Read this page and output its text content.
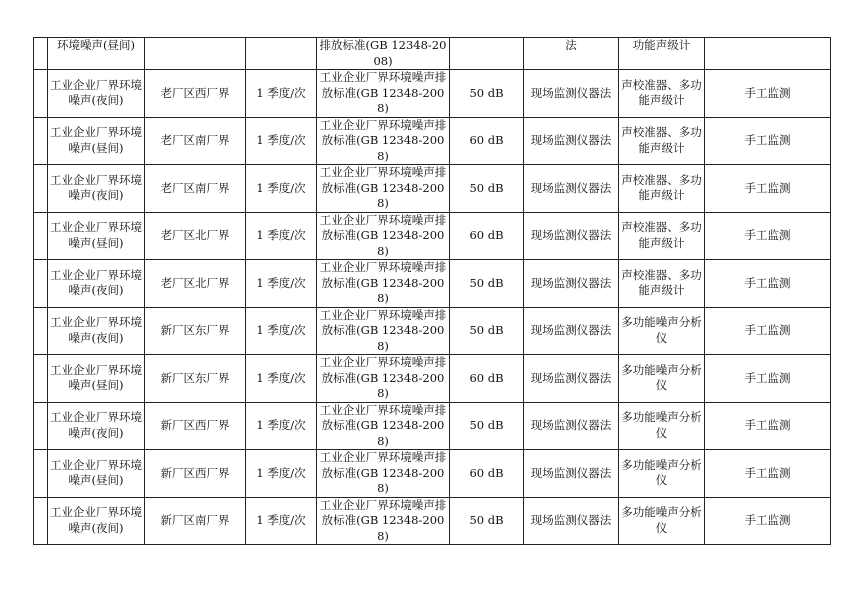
	环境噪声(昼间)			排放标准(GB 12348-2008)		法	功能声级计	
	工业企业厂界环境噪声(夜间)	老厂区西厂界	1 季度/次	工业企业厂界环境噪声排放标准(GB 12348-2008)	50 dB	现场监测仪器法	声校准器、多功能声级计	手工监测
	工业企业厂界环境噪声(昼间)	老厂区南厂界	1 季度/次	工业企业厂界环境噪声排放标准(GB 12348-2008)	60 dB	现场监测仪器法	声校准器、多功能声级计	手工监测
	工业企业厂界环境噪声(夜间)	老厂区南厂界	1 季度/次	工业企业厂界环境噪声排放标准(GB 12348-2008)	50 dB	现场监测仪器法	声校准器、多功能声级计	手工监测
	工业企业厂界环境噪声(昼间)	老厂区北厂界	1 季度/次	工业企业厂界环境噪声排放标准(GB 12348-2008)	60 dB	现场监测仪器法	声校准器、多功能声级计	手工监测
	工业企业厂界环境噪声(夜间)	老厂区北厂界	1 季度/次	工业企业厂界环境噪声排放标准(GB 12348-2008)	50 dB	现场监测仪器法	声校准器、多功能声级计	手工监测
	工业企业厂界环境噪声(夜间)	新厂区东厂界	1 季度/次	工业企业厂界环境噪声排放标准(GB 12348-2008)	50 dB	现场监测仪器法	多功能噪声分析仪	手工监测
	工业企业厂界环境噪声(昼间)	新厂区东厂界	1 季度/次	工业企业厂界环境噪声排放标准(GB 12348-2008)	60 dB	现场监测仪器法	多功能噪声分析仪	手工监测
	工业企业厂界环境噪声(夜间)	新厂区西厂界	1 季度/次	工业企业厂界环境噪声排放标准(GB 12348-2008)	50 dB	现场监测仪器法	多功能噪声分析仪	手工监测
	工业企业厂界环境噪声(昼间)	新厂区西厂界	1 季度/次	工业企业厂界环境噪声排放标准(GB 12348-2008)	60 dB	现场监测仪器法	多功能噪声分析仪	手工监测
	工业企业厂界环境噪声(夜间)	新厂区南厂界	1 季度/次	工业企业厂界环境噪声排放标准(GB 12348-2008)	50 dB	现场监测仪器法	多功能噪声分析仪	手工监测
